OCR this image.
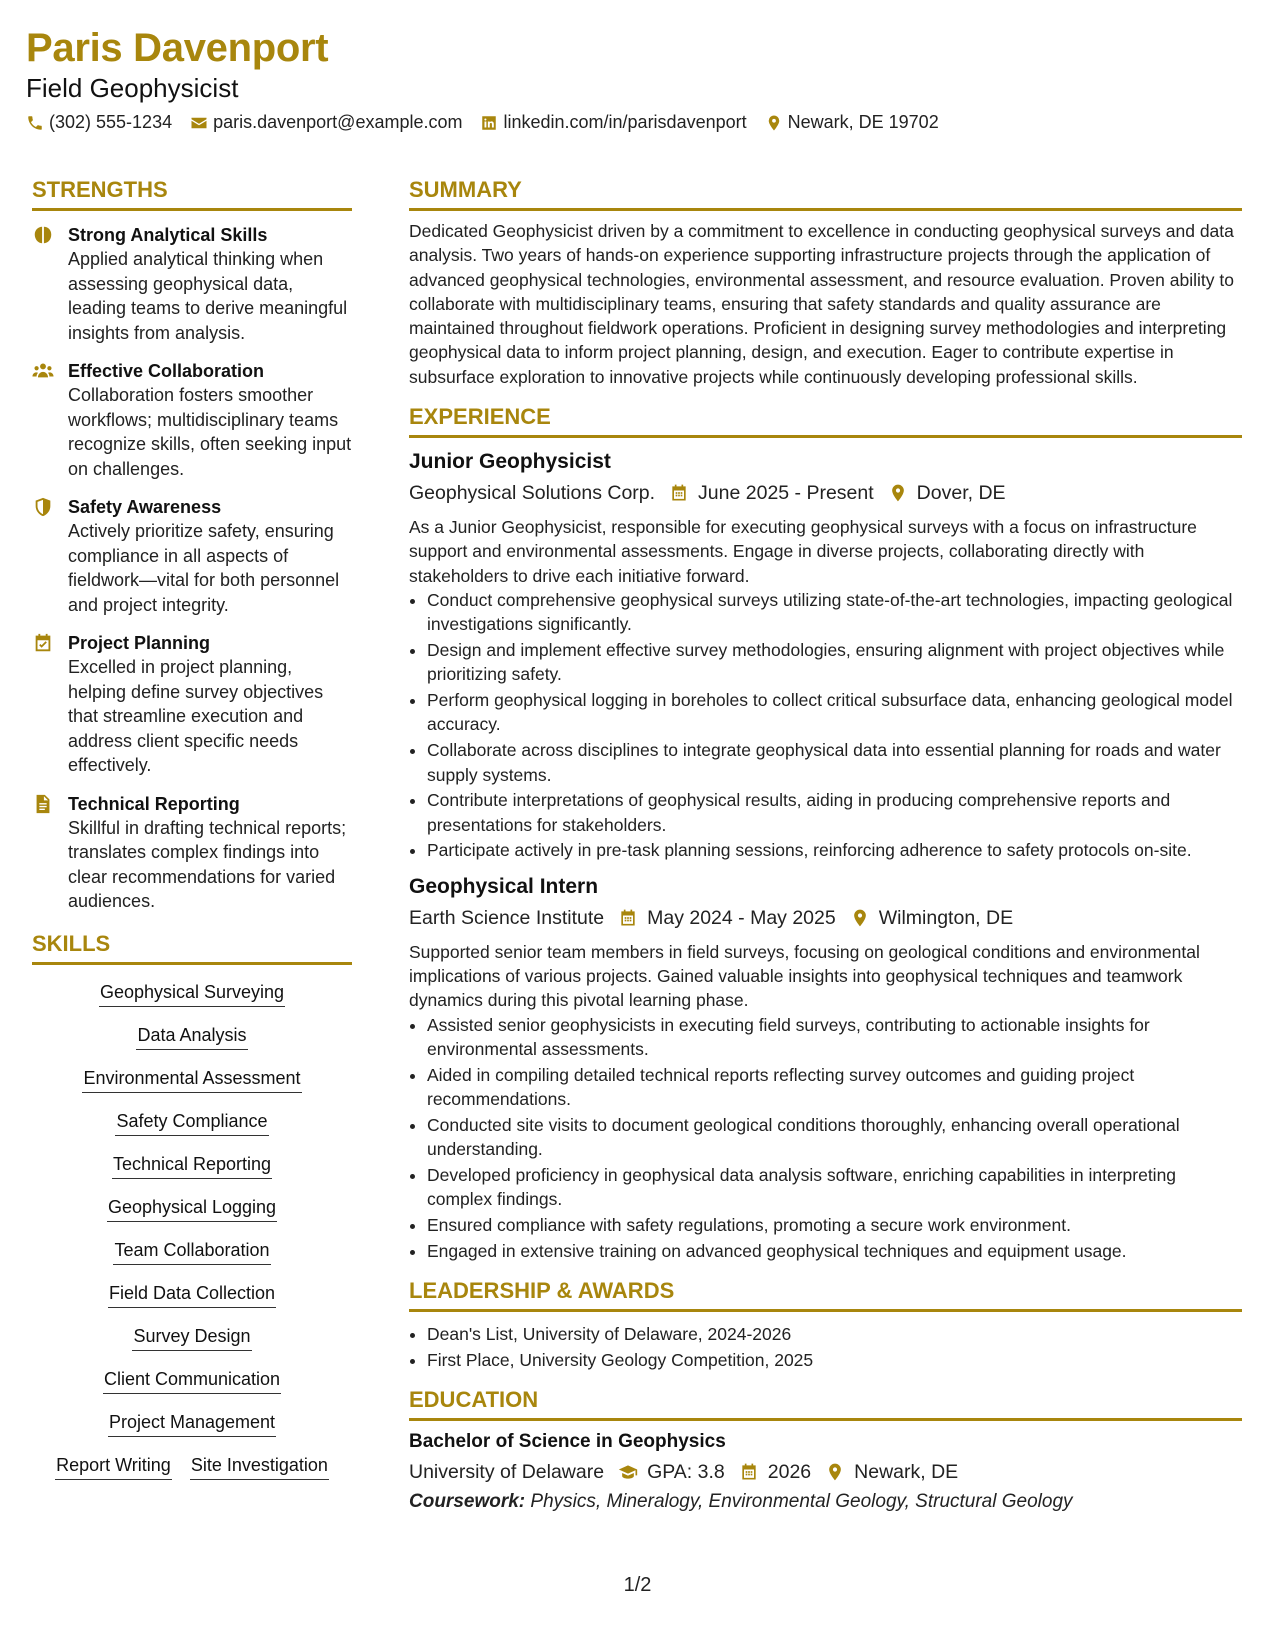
Paris Davenport
Field Geophysicist
(302) 555-1234 paris.davenport@example.com linkedin.com/in/parisdavenport Newark, DE 19702
STRENGTHS
Strong Analytical Skills
Applied analytical thinking when assessing geophysical data, leading teams to derive meaningful insights from analysis.
Effective Collaboration
Collaboration fosters smoother workflows; multidisciplinary teams recognize skills, often seeking input on challenges.
Safety Awareness
Actively prioritize safety, ensuring compliance in all aspects of fieldwork—vital for both personnel and project integrity.
Project Planning
Excelled in project planning, helping define survey objectives that streamline execution and address client specific needs effectively.
Technical Reporting
Skillful in drafting technical reports; translates complex findings into clear recommendations for varied audiences.
SKILLS
Geophysical Surveying
Data Analysis
Environmental Assessment
Safety Compliance
Technical Reporting
Geophysical Logging
Team Collaboration
Field Data Collection
Survey Design
Client Communication
Project Management
Report Writing Site Investigation
SUMMARY
Dedicated Geophysicist driven by a commitment to excellence in conducting geophysical surveys and data analysis. Two years of hands-on experience supporting infrastructure projects through the application of advanced geophysical technologies, environmental assessment, and resource evaluation. Proven ability to collaborate with multidisciplinary teams, ensuring that safety standards and quality assurance are maintained throughout fieldwork operations. Proficient in designing survey methodologies and interpreting geophysical data to inform project planning, design, and execution. Eager to contribute expertise in subsurface exploration to innovative projects while continuously developing professional skills.
EXPERIENCE
Junior Geophysicist
Geophysical Solutions Corp. June 2025 - Present Dover, DE
As a Junior Geophysicist, responsible for executing geophysical surveys with a focus on infrastructure support and environmental assessments. Engage in diverse projects, collaborating directly with stakeholders to drive each initiative forward.
• Conduct comprehensive geophysical surveys utilizing state-of-the-art technologies, impacting geological investigations significantly.
• Design and implement effective survey methodologies, ensuring alignment with project objectives while prioritizing safety.
• Perform geophysical logging in boreholes to collect critical subsurface data, enhancing geological model accuracy.
• Collaborate across disciplines to integrate geophysical data into essential planning for roads and water supply systems.
• Contribute interpretations of geophysical results, aiding in producing comprehensive reports and presentations for stakeholders.
• Participate actively in pre-task planning sessions, reinforcing adherence to safety protocols on-site.
Geophysical Intern
Earth Science Institute May 2024 - May 2025 Wilmington, DE
Supported senior team members in field surveys, focusing on geological conditions and environmental implications of various projects. Gained valuable insights into geophysical techniques and teamwork dynamics during this pivotal learning phase.
• Assisted senior geophysicists in executing field surveys, contributing to actionable insights for environmental assessments.
• Aided in compiling detailed technical reports reflecting survey outcomes and guiding project recommendations.
• Conducted site visits to document geological conditions thoroughly, enhancing overall operational understanding.
• Developed proficiency in geophysical data analysis software, enriching capabilities in interpreting complex findings.
• Ensured compliance with safety regulations, promoting a secure work environment.
• Engaged in extensive training on advanced geophysical techniques and equipment usage.
LEADERSHIP & AWARDS
• Dean's List, University of Delaware, 2024-2026
• First Place, University Geology Competition, 2025
EDUCATION
Bachelor of Science in Geophysics
University of Delaware GPA: 3.8 2026 Newark, DE
Coursework: Physics, Mineralogy, Environmental Geology, Structural Geology
1/2
